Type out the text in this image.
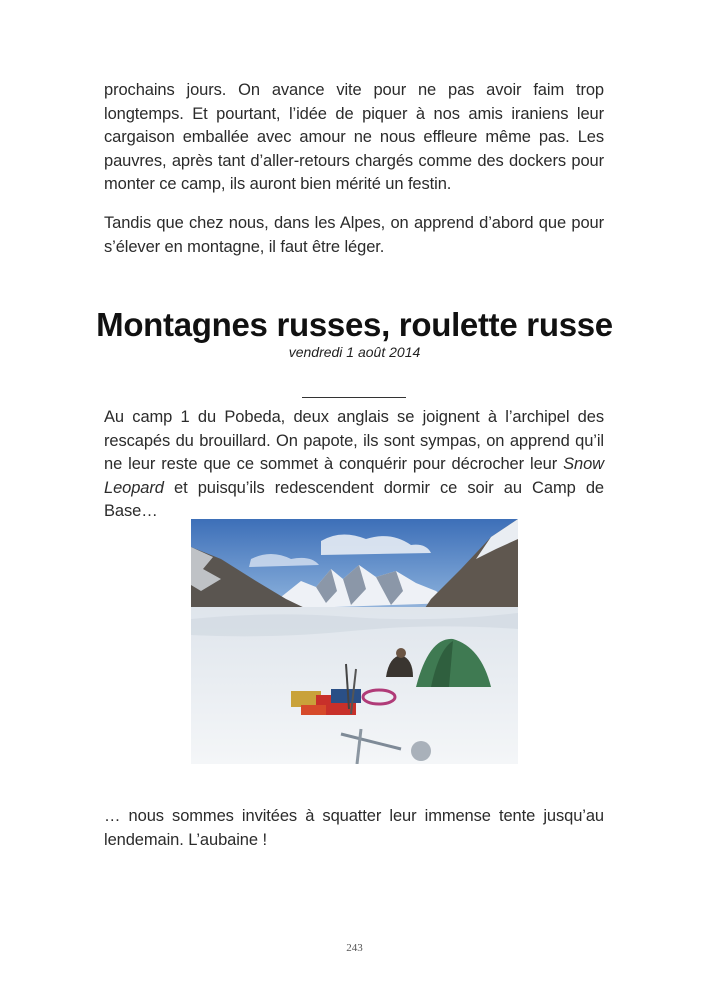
prochains jours. On avance vite pour ne pas avoir faim trop longtemps. Et pourtant, l’idée de piquer à nos amis iraniens leur cargaison emballée avec amour ne nous effleure même pas. Les pauvres, après tant d’aller-retours chargés comme des dockers pour monter ce camp, ils auront bien mérité un festin.

Tandis que chez nous, dans les Alpes, on apprend d’abord que pour s’élever en montagne, il faut être léger.

Montagnes russes, roulette russe
vendredi 1 août 2014

Au camp 1 du Pobeda, deux anglais se joignent à l’archipel des rescapés du brouillard. On papote, ils sont sympas, on apprend qu’il ne leur reste que ce sommet à conquérir pour décrocher leur Snow Leopard et puisqu’ils redescendent dormir ce soir au Camp de Base…

… nous sommes invitées à squatter leur immense tente jusqu’au lendemain. L’aubaine !

243
